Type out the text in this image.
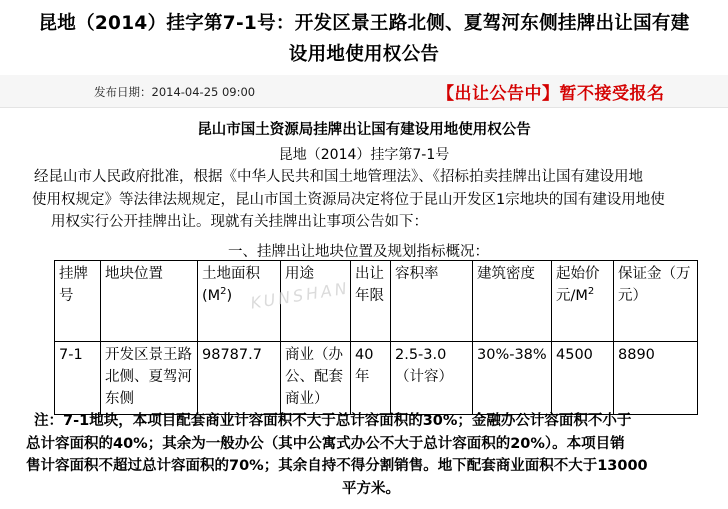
昆地（2014）挂字第7-1号：开发区景王路北侧、夏驾河东侧挂牌出让国有建
设用地使用权公告
发布日期：2014-04-25 09:00	【出让公告中】暂不接受报名
昆山市国土资源局挂牌出让国有建设用地使用权公告
昆地（2014）挂字第7-1号
经昆山市人民政府批准，根据《中华人民共和国土地管理法》、《招标拍卖挂牌出让国有建设用地
使用权规定》等法律法规规定，昆山市国土资源局决定将位于昆山开发区1宗地块的国有建设用地使
用权实行公开挂牌出让。现就有关挂牌出让事项公告如下：
一、挂牌出让地块位置及规划指标概况：
挂牌号	地块位置	土地面积$(M^2)$	用途	出让年限	容积率	建筑密度	起始价元$/M^2$	保证金（万元）
7-1	开发区景王路北侧、夏驾河东侧	98787.7	商业（办公、配套商业）	40年	2.5-3.0（计容）	30%-38%	4500	8890
KUNSHAN
注：7-1地块，本项目配套商业计容面积不大于总计容面积的30%；金融办公计容面积不小于
总计容面积的40%；其余为一般办公（其中公寓式办公不大于总计容面积的20%）。本项目销
售计容面积不超过总计容面积的70%；其余自持不得分割销售。地下配套商业面积不大于13000
平方米。
